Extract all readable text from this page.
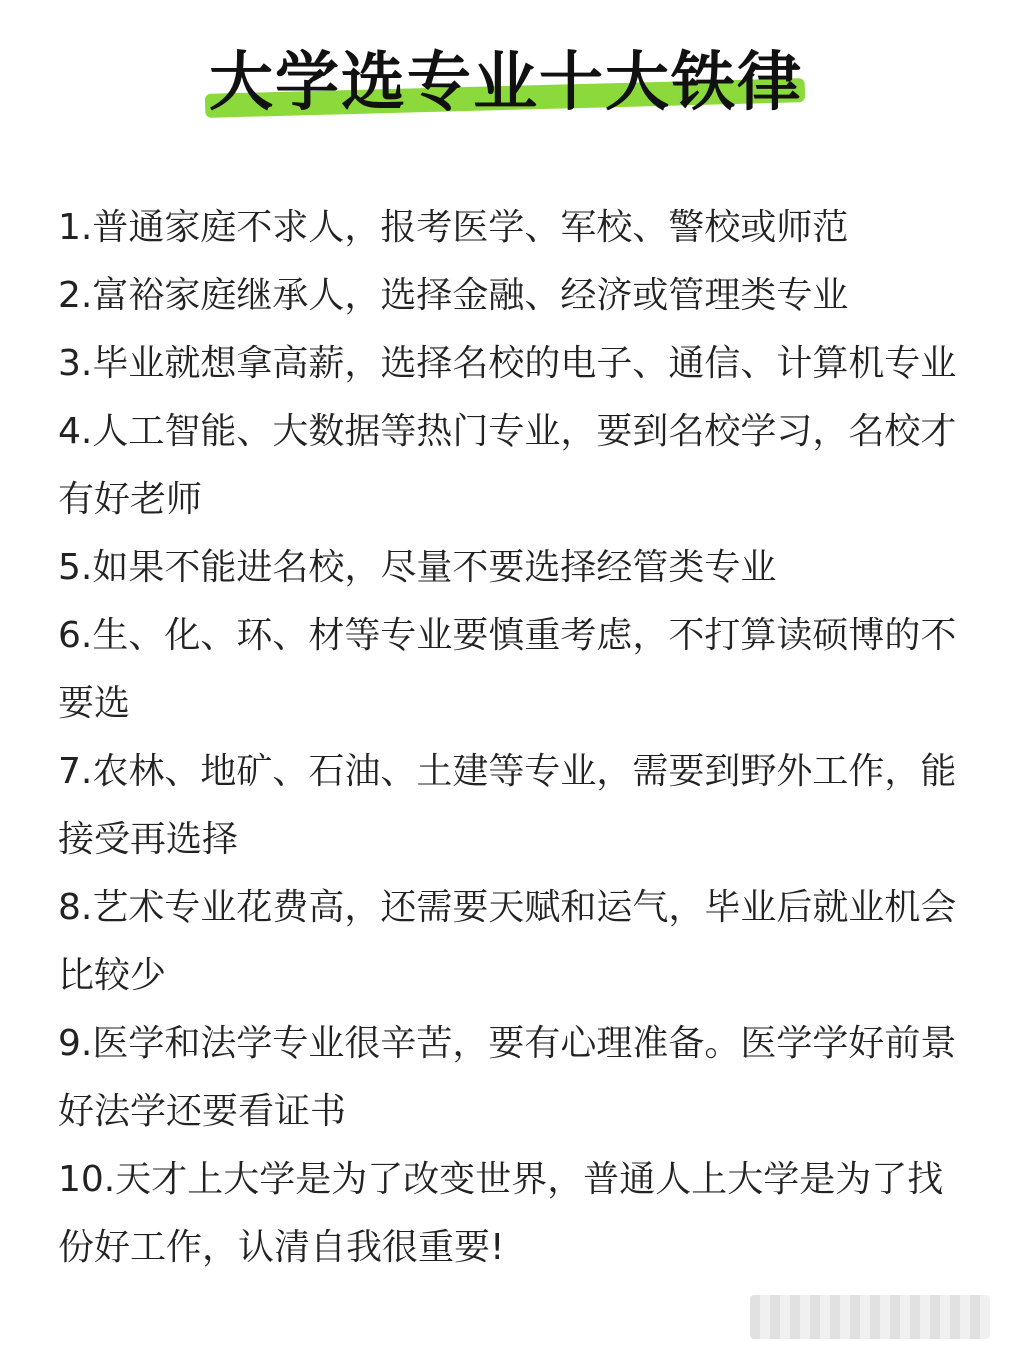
大学选专业十大铁律
1.普通家庭不求人，报考医学、军校、警校或师范
2.富裕家庭继承人，选择金融、经济或管理类专业
3.毕业就想拿高薪，选择名校的电子、通信、计算机专业
4.人工智能、大数据等热门专业，要到名校学习，名校才有好老师
5.如果不能进名校，尽量不要选择经管类专业
6.生、化、环、材等专业要慎重考虑，不打算读硕博的不要选
7.农林、地矿、石油、土建等专业，需要到野外工作，能接受再选择
8.艺术专业花费高，还需要天赋和运气，毕业后就业机会比较少
9.医学和法学专业很辛苦，要有心理准备。医学学好前景好法学还要看证书
10.天才上大学是为了改变世界，普通人上大学是为了找份好工作，认清自我很重要!
